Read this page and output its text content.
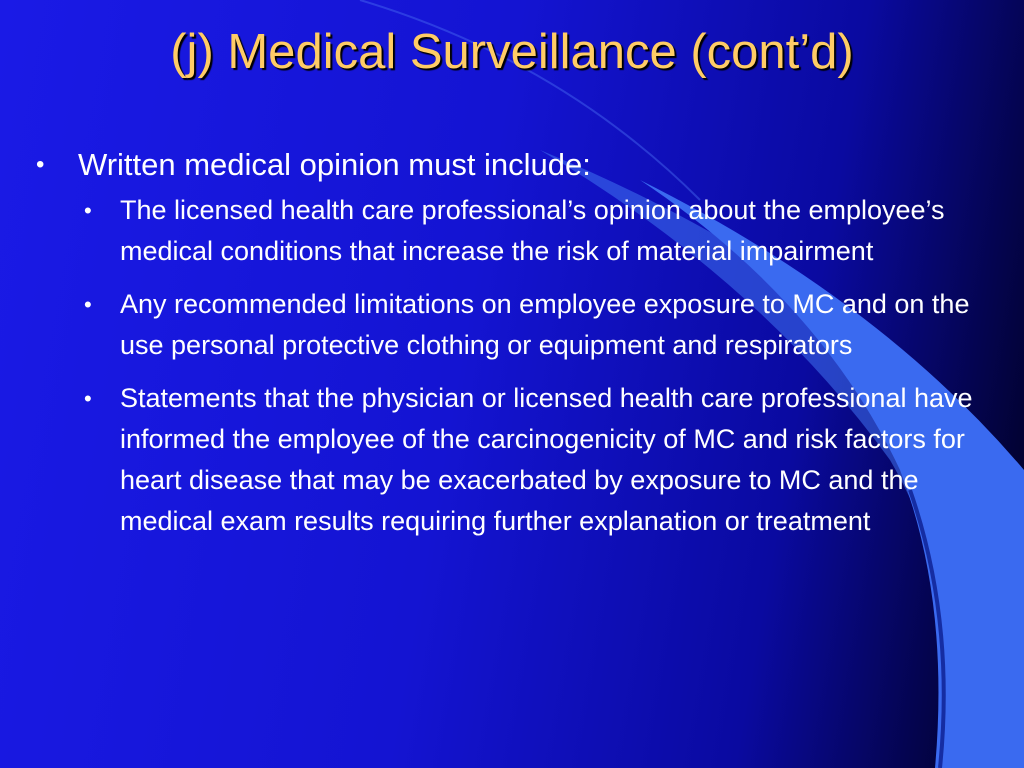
(j) Medical Surveillance (cont’d)
• Written medical opinion must include:
• The licensed health care professional’s opinion about the employee’s medical conditions that increase the risk of material impairment
• Any recommended limitations on employee exposure to MC and on the use personal protective clothing or equipment and respirators
• Statements that the physician or licensed health care professional have informed the employee of the carcinogenicity of MC and risk factors for heart disease that may be exacerbated by exposure to MC and the medical exam results requiring further explanation or treatment
